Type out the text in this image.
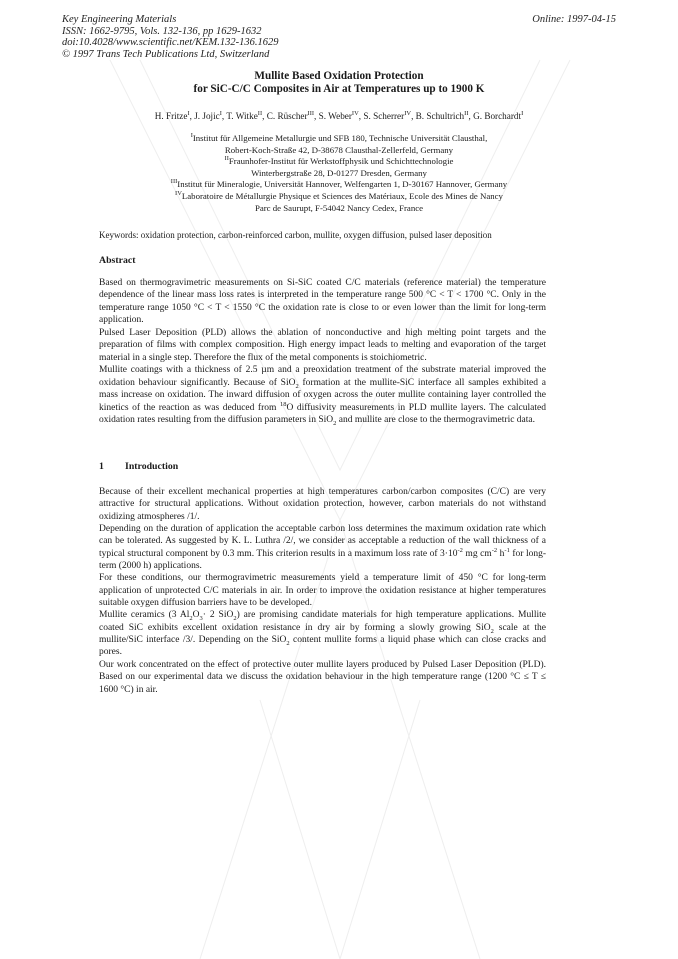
Key Engineering Materials
ISSN: 1662-9795, Vols. 132-136, pp 1629-1632
doi:10.4028/www.scientific.net/KEM.132-136.1629
© 1997 Trans Tech Publications Ltd, Switzerland
Online: 1997-04-15
Mullite Based Oxidation Protection
for SiC-C/C Composites in Air at Temperatures up to 1900 K
H. Fritze$^I$, J. Jojic$^I$, T. Witke$^{II}$, C. Rüscher$^{III}$, S. Weber$^{IV}$, S. Scherrer$^{IV}$, B. Schultrich$^{II}$, G. Borchardt$^I$
$^I$Institut für Allgemeine Metallurgie und SFB 180, Technische Universität Clausthal,
Robert-Koch-Straße 42, D-38678 Clausthal-Zellerfeld, Germany
$^{II}$Fraunhofer-Institut für Werkstoffphysik und Schichttechnologie
Winterbergstraße 28, D-01277 Dresden, Germany
$^{III}$Institut für Mineralogie, Universität Hannover, Welfengarten 1, D-30167 Hannover, Germany
$^{IV}$Laboratoire de Métallurgie Physique et Sciences des Matériaux, Ecole des Mines de Nancy
Parc de Saurupt, F-54042 Nancy Cedex, France
Keywords: oxidation protection, carbon-reinforced carbon, mullite, oxygen diffusion, pulsed laser deposition
Abstract

Based on thermogravimetric measurements on Si-SiC coated C/C materials (reference material) the temperature dependence of the linear mass loss rates is interpreted in the temperature range 500 °C < T < 1700 °C. Only in the temperature range 1050 °C < T < 1550 °C the oxidation rate is close to or even lower than the limit for long-term application.

Pulsed Laser Deposition (PLD) allows the ablation of nonconductive and high melting point targets and the preparation of films with complex composition. High energy impact leads to melting and evaporation of the target material in a single step. Therefore the flux of the metal components is stoichiometric.

Mullite coatings with a thickness of 2.5 µm and a preoxidation treatment of the substrate material improved the oxidation behaviour significantly. Because of SiO$_2$ formation at the mullite-SiC interface all samples exhibited a mass increase on oxidation. The inward diffusion of oxygen across the outer mullite containing layer controlled the kinetics of the reaction as was deduced from $^{18}$O diffusivity measurements in PLD mullite layers. The calculated oxidation rates resulting from the diffusion parameters in SiO$_2$ and mullite are close to the thermogravimetric data.

1 Introduction

Because of their excellent mechanical properties at high temperatures carbon/carbon composites (C/C) are very attractive for structural applications. Without oxidation protection, however, carbon materials do not withstand oxidizing atmospheres /1/.

Depending on the duration of application the acceptable carbon loss determines the maximum oxidation rate which can be tolerated. As suggested by K. L. Luthra /2/, we consider as acceptable a reduction of the wall thickness of a typical structural component by 0.3 mm. This criterion results in a maximum loss rate of $3\cdot 10^{-2}$ mg $cm^{-2}$ $h^{-1}$ for long-term (2000 h) applications.

For these conditions, our thermogravimetric measurements yield a temperature limit of 450 °C for long-term application of unprotected C/C materials in air. In order to improve the oxidation resistance at higher temperatures suitable oxygen diffusion barriers have to be developed.

Mullite ceramics (3 $Al_2O_3\cdot 2$ SiO$_2$) are promising candidate materials for high temperature applications. Mullite coated SiC exhibits excellent oxidation resistance in dry air by forming a slowly growing SiO$_2$ scale at the mullite/SiC interface /3/. Depending on the SiO$_2$ content mullite forms a liquid phase which can close cracks and pores.

Our work concentrated on the effect of protective outer mullite layers produced by Pulsed Laser Deposition (PLD). Based on our experimental data we discuss the oxidation behaviour in the high temperature range (1200 °C ≤ T ≤ 1600 °C) in air.
